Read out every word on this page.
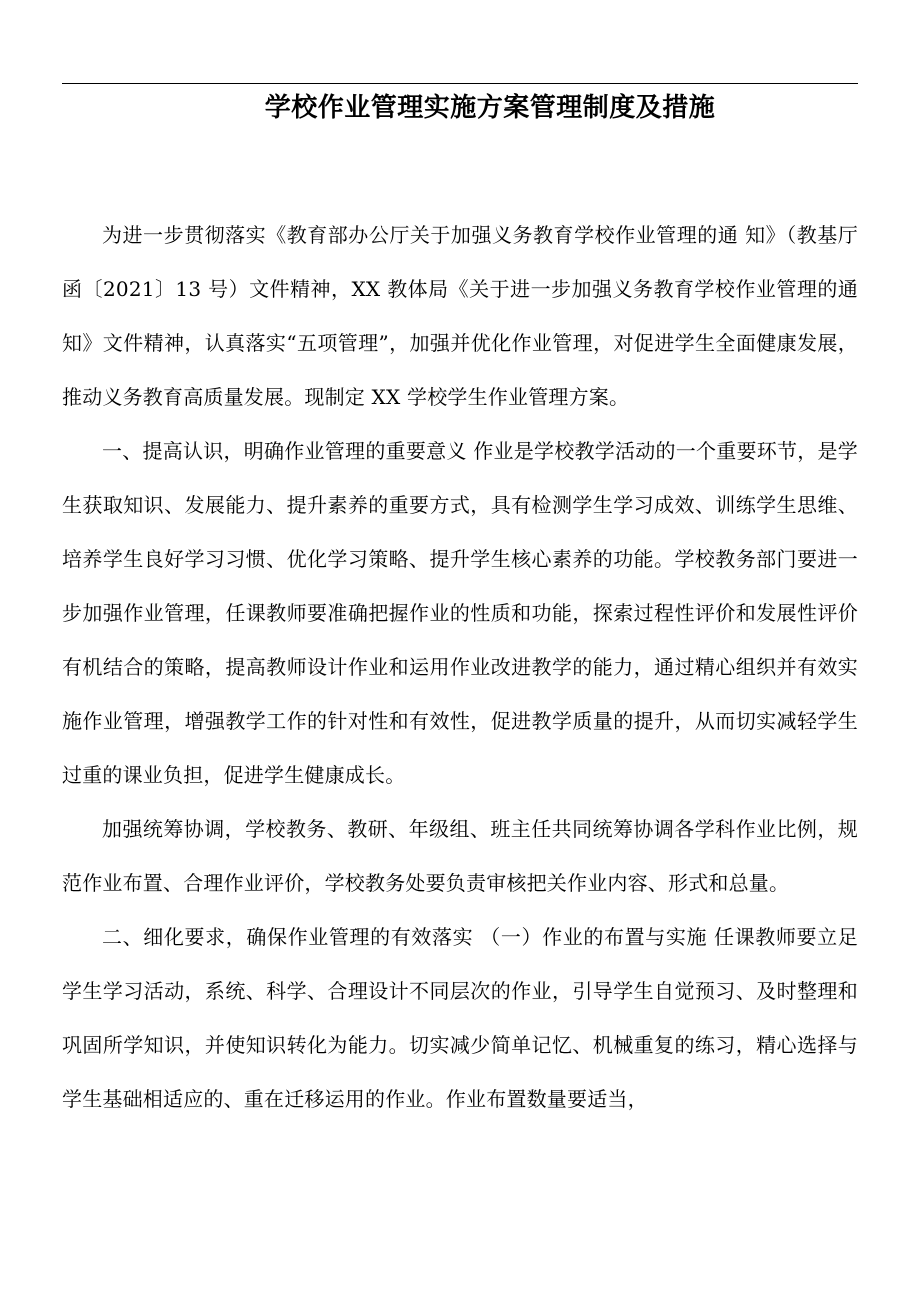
学校作业管理实施方案管理制度及措施

为进一步贯彻落实《教育部办公厅关于加强义务教育学校作业管理的通 知》（教基厅函〔2021〕13 号）文件精神，XX 教体局《关于进一步加强义务教育学校作业管理的通知》文件精神，认真落实“五项管理”，加强并优化作业管理，对促进学生全面健康发展，推动义务教育高质量发展。现制定 XX 学校学生作业管理方案。

一、提高认识，明确作业管理的重要意义 作业是学校教学活动的一个重要环节，是学生获取知识、发展能力、提升素养的重要方式，具有检测学生学习成效、训练学生思维、培养学生良好学习习惯、优化学习策略、提升学生核心素养的功能。学校教务部门要进一步加强作业管理，任课教师要准确把握作业的性质和功能，探索过程性评价和发展性评价有机结合的策略，提高教师设计作业和运用作业改进教学的能力，通过精心组织并有效实施作业管理，增强教学工作的针对性和有效性，促进教学质量的提升，从而切实减轻学生过重的课业负担，促进学生健康成长。

加强统筹协调，学校教务、教研、年级组、班主任共同统筹协调各学科作业比例，规范作业布置、合理作业评价，学校教务处要负责审核把关作业内容、形式和总量。

二、细化要求，确保作业管理的有效落实 （一）作业的布置与实施 任课教师要立足学生学习活动，系统、科学、合理设计不同层次的作业，引导学生自觉预习、及时整理和巩固所学知识，并使知识转化为能力。切实减少简单记忆、机械重复的练习，精心选择与学生基础相适应的、重在迁移运用的作业。作业布置数量要适当，
